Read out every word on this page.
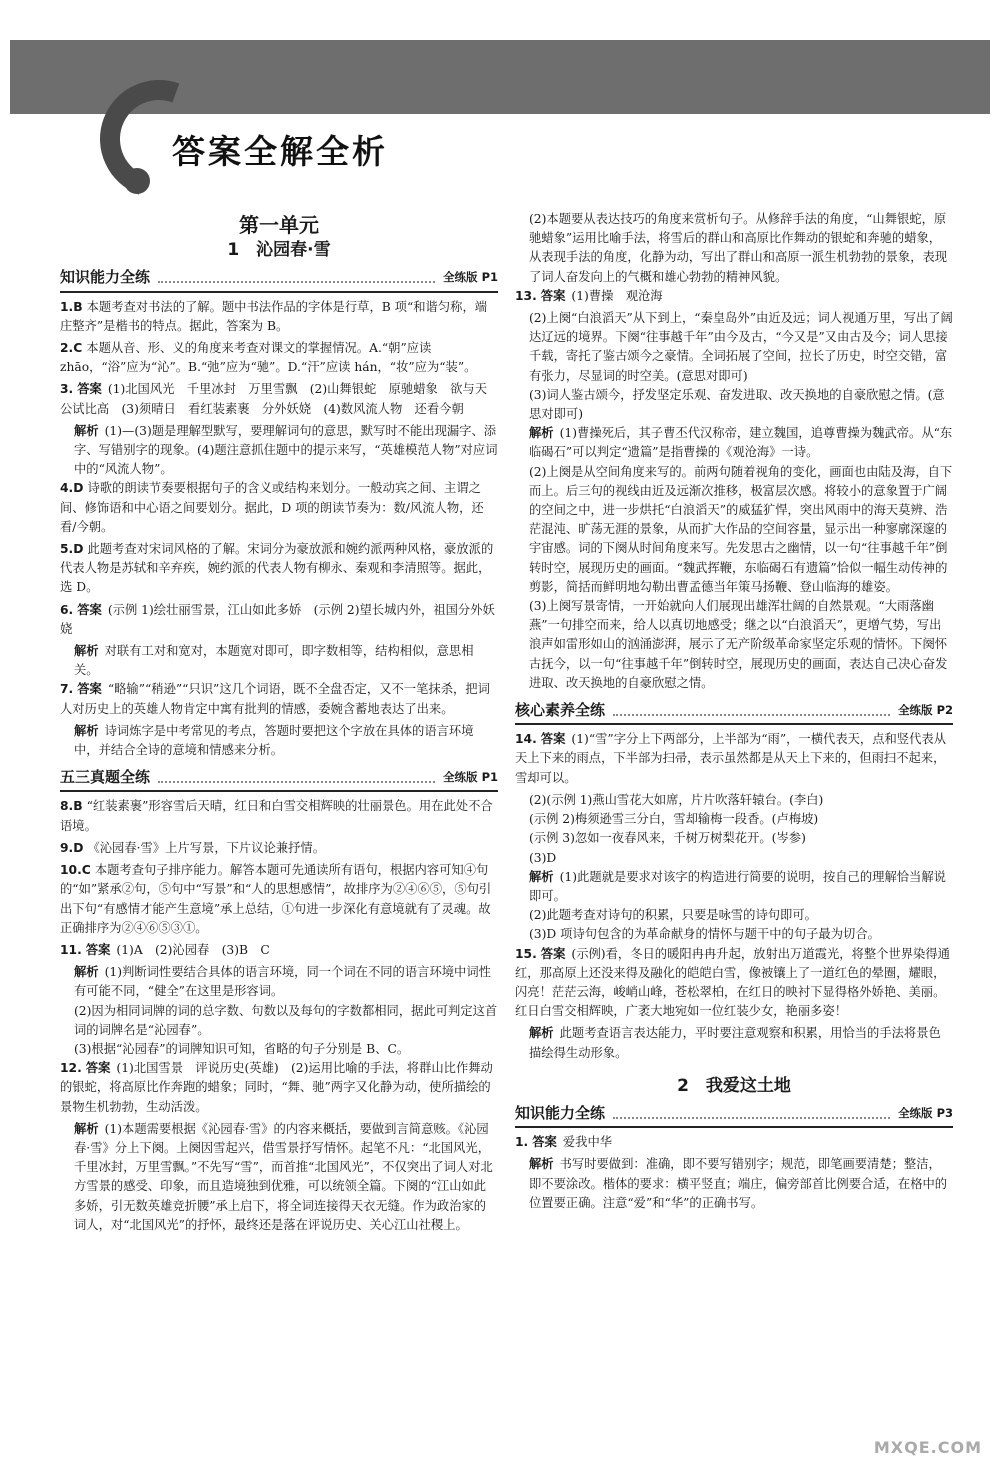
答案全解全析
第一单元
1　沁园春·雪
知识能力全练	全练版 P1

1.B 本题考查对书法的了解。题中书法作品的字体是行草，B 项“和谐匀称，端庄整齐”是楷书的特点。据此，答案为 B。

2.C 本题从音、形、义的角度来考查对课文的掌握情况。A.“朝”应读 zhāo，“浴”应为“沁”。B.“弛”应为“驰”。D.“汗”应读 hán，“妆”应为“装”。

3. 答案 (1)北国风光　千里冰封　万里雪飘　(2)山舞银蛇　原驰蜡象　欲与天公试比高　(3)须晴日　看红装素裹　分外妖娆　(4)数风流人物　还看今朝

解析 (1)—(3)题是理解型默写，要理解词句的意思，默写时不能出现漏字、添字、写错别字的现象。(4)题注意抓住题中的提示来写，“英雄模范人物”对应词中的“风流人物”。

4.D 诗歌的朗读节奏要根据句子的含义或结构来划分。一般动宾之间、主谓之间、修饰语和中心语之间要划分。据此，D 项的朗读节奏为：数/风流人物，还看/今朝。

5.D 此题考查对宋词风格的了解。宋词分为豪放派和婉约派两种风格，豪放派的代表人物是苏轼和辛弃疾，婉约派的代表人物有柳永、秦观和李清照等。据此，选 D。

6. 答案 (示例 1)绘壮丽雪景，江山如此多娇　(示例 2)望长城内外，祖国分外妖娆

解析 对联有工对和宽对，本题宽对即可，即字数相等，结构相似，意思相关。

7. 答案 “略输”“稍逊”“只识”这几个词语，既不全盘否定，又不一笔抹杀，把词人对历史上的英雄人物肯定中寓有批判的情感，委婉含蓄地表达了出来。

解析 诗词炼字是中考常见的考点，答题时要把这个字放在具体的语言环境中，并结合全诗的意境和情感来分析。

五三真题全练	全练版 P1

8.B “红装素裹”形容雪后天晴，红日和白雪交相辉映的壮丽景色。用在此处不合语境。

9.D 《沁园春·雪》上片写景，下片议论兼抒情。

10.C 本题考查句子排序能力。解答本题可先通读所有语句，根据内容可知④句的“如”紧承②句，⑤句中“写景”和“人的思想感情”，故排序为②④⑥⑤，⑤句引出下句“有感情才能产生意境”承上总结，①句进一步深化有意境就有了灵魂。故正确排序为②④⑥⑤③①。

11. 答案 (1)A　(2)沁园春　(3)B　C

解析 (1)判断词性要结合具体的语言环境，同一个词在不同的语言环境中词性有可能不同，“健全”在这里是形容词。

(2)因为相同词牌的词的总字数、句数以及每句的字数都相同，据此可判定这首词的词牌名是“沁园春”。

(3)根据“沁园春”的词牌知识可知，省略的句子分别是 B、C。

12. 答案 (1)北国雪景　评说历史(英雄)　(2)运用比喻的手法，将群山比作舞动的银蛇，将高原比作奔跑的蜡象；同时，“舞、驰”两字又化静为动，使所描绘的景物生机勃勃，生动活泼。

解析 (1)本题需要根据《沁园春·雪》的内容来概括，要做到言简意赅。《沁园春·雪》分上下阕。上阕因雪起兴，借雪景抒写情怀。起笔不凡：“北国风光，千里冰封，万里雪飘。”不先写“雪”，而首推“北国风光”，不仅突出了词人对北方雪景的感受、印象，而且造境独到优雅，可以统领全篇。下阕的“江山如此多娇，引无数英雄竞折腰”承上启下，将全词连接得天衣无缝。作为政治家的词人，对“北国风光”的抒怀，最终还是落在评说历史、关心江山社稷上。

(2)本题要从表达技巧的角度来赏析句子。从修辞手法的角度，“山舞银蛇，原驰蜡象”运用比喻手法，将雪后的群山和高原比作舞动的银蛇和奔驰的蜡象，从表现手法的角度，化静为动，写出了群山和高原一派生机勃勃的景象，表现了词人奋发向上的气概和雄心勃勃的精神风貌。

13. 答案 (1)曹操　观沧海

(2)上阕“白浪滔天”从下到上，“秦皇岛外”由近及远；词人视通万里，写出了阔达辽远的境界。下阕“往事越千年”由今及古，“今又是”又由古及今；词人思接千载，寄托了鉴古颂今之豪情。全词拓展了空间，拉长了历史，时空交错，富有张力，尽显词的时空美。(意思对即可)

(3)词人鉴古颂今，抒发坚定乐观、奋发进取、改天换地的自豪欣慰之情。(意思对即可)

解析 (1)曹操死后，其子曹丕代汉称帝，建立魏国，追尊曹操为魏武帝。从“东临碣石”可以判定“遗篇”是指曹操的《观沧海》一诗。

(2)上阕是从空间角度来写的。前两句随着视角的变化，画面也由陆及海，自下而上。后三句的视线由近及远渐次推移，极富层次感。将较小的意象置于广阔的空间之中，进一步烘托“白浪滔天”的威猛犷悍，突出风雨中的海天莫辨、浩茫混沌、旷荡无涯的景象，从而扩大作品的空间容量，显示出一种寥廓深邃的宇宙感。词的下阕从时间角度来写。先发思古之幽情，以一句“往事越千年”倒转时空，展现历史的画面。“魏武挥鞭，东临碣石有遗篇”恰似一幅生动传神的剪影，简括而鲜明地勾勒出曹孟德当年策马扬鞭、登山临海的雄姿。

(3)上阕写景寄情，一开始就向人们展现出雄浑壮阔的自然景观。“大雨落幽燕”一句排空而来，给人以真切地感受；继之以“白浪滔天”，更增气势，写出浪声如雷形如山的汹涌澎湃，展示了无产阶级革命家坚定乐观的情怀。下阕怀古抚今，以一句“往事越千年”倒转时空，展现历史的画面，表达自己决心奋发进取、改天换地的自豪欣慰之情。

核心素养全练	全练版 P2

14. 答案 (1)“雪”字分上下两部分，上半部为“雨”，一横代表天，点和竖代表从天上下来的雨点，下半部为扫帚，表示虽然都是从天上下来的，但雨扫不起来，雪却可以。

(2)(示例 1)燕山雪花大如席，片片吹落轩辕台。(李白)

(示例 2)梅须逊雪三分白，雪却输梅一段香。(卢梅坡)

(示例 3)忽如一夜春风来，千树万树梨花开。(岑参)

(3)D

解析 (1)此题就是要求对该字的构造进行简要的说明，按自己的理解恰当解说即可。

(2)此题考查对诗句的积累，只要是咏雪的诗句即可。

(3)D 项诗句包含的为革命献身的情怀与题干中的句子最为切合。

15. 答案 (示例)看，冬日的暖阳冉冉升起，放射出万道霞光，将整个世界染得通红，那高原上还没来得及融化的皑皑白雪，像被镶上了一道红色的晕圈，耀眼，闪亮！茫茫云海，峻峭山峰，苍松翠柏，在红日的映衬下显得格外娇艳、美丽。红日白雪交相辉映，广袤大地宛如一位红装少女，艳丽多姿！

解析 此题考查语言表达能力，平时要注意观察和积累，用恰当的手法将景色描绘得生动形象。

2　我爱这土地
知识能力全练	全练版 P3

1. 答案 爱我中华

解析 书写时要做到：准确，即不要写错别字；规范，即笔画要清楚；整洁，即不要涂改。楷体的要求：横平竖直；端庄，偏旁部首比例要合适，在格中的位置要正确。注意“爱”和“华”的正确书写。

MXQE.COM
